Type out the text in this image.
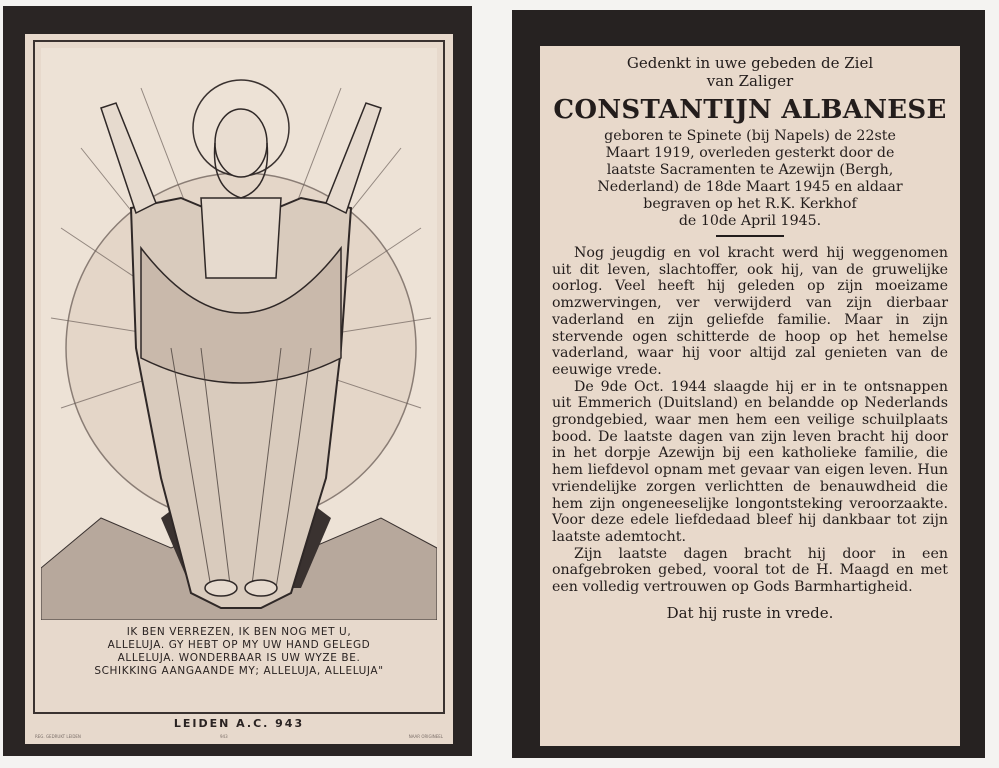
IK BEN VERREZEN, IK BEN NOG MET U,
ALLELUJA. GY HEBT OP MY UW HAND GELEGD
ALLELUJA. WONDERBAAR IS UW WYZE BE.
SCHIKKING AANGAANDE MY; ALLELUJA, ALLELUJA"
LEIDEN A.C. 943
REG. GEDRUKT LEIDEN	943	NAAR ORIGINEEL
Gedenkt in uwe gebeden de Ziel
van Zaliger
CONSTANTIJN ALBANESE
geboren te Spinete (bij Napels) de 22ste
Maart 1919, overleden gesterkt door de
laatste Sacramenten te Azewijn (Bergh,
Nederland) de 18de Maart 1945 en aldaar
begraven op het R.K. Kerkhof
de 10de April 1945.

Nog jeugdig en vol kracht werd hij weggenomen uit dit leven, slachtoffer, ook hij, van de gruwelijke oorlog. Veel heeft hij geleden op zijn moeizame omzwervingen, ver verwijderd van zijn dierbaar vaderland en zijn geliefde familie. Maar in zijn stervende ogen schitterde de hoop op het hemelse vaderland, waar hij voor altijd zal genieten van de eeuwige vrede.

De 9de Oct. 1944 slaagde hij er in te ontsnappen uit Emmerich (Duitsland) en belandde op Nederlands grondgebied, waar men hem een veilige schuilplaats bood. De laatste dagen van zijn leven bracht hij door in het dorpje Azewijn bij een katholieke familie, die hem liefdevol opnam met gevaar van eigen leven. Hun vriendelijke zorgen verlichtten de benauwdheid die hem zijn ongeneeselijke longontsteking veroorzaakte. Voor deze edele liefdedaad bleef hij dankbaar tot zijn laatste ademtocht.

Zijn laatste dagen bracht hij door in een onafgebroken gebed, vooral tot de H. Maagd en met een volledig vertrouwen op Gods Barmhartigheid.

Dat hij ruste in vrede.
